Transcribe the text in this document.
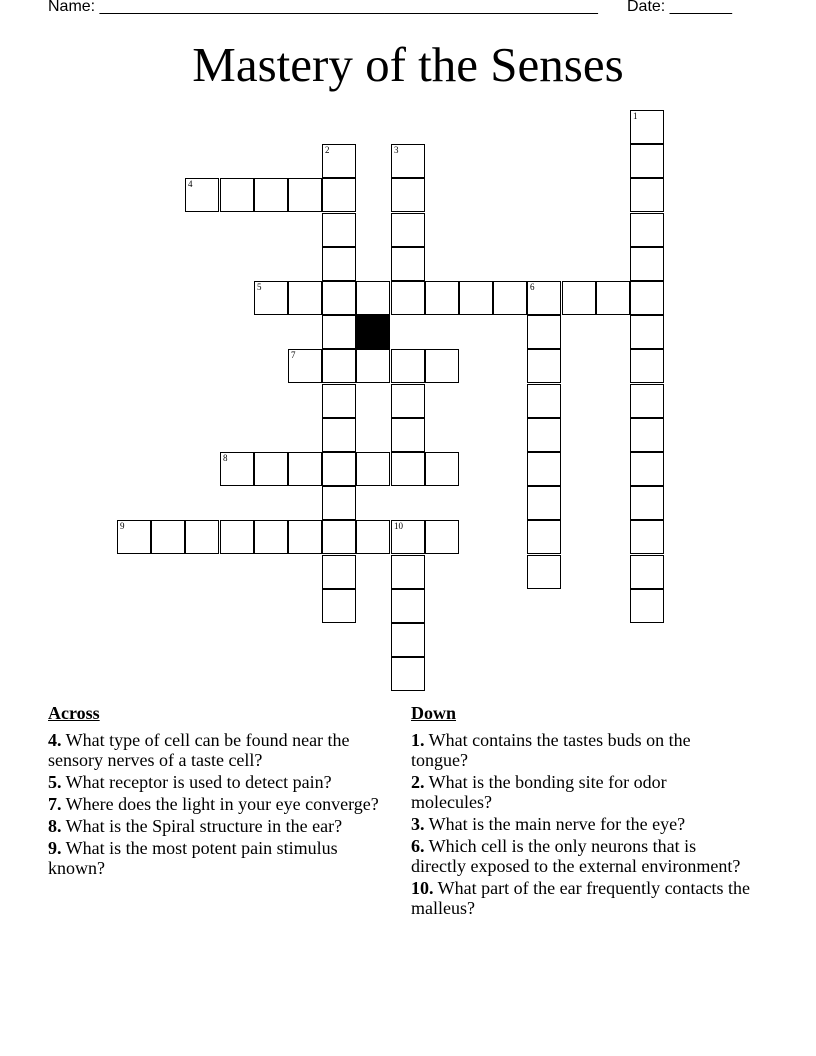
Name: ________________________________________________________ Date: _______
Mastery of the Senses
1
2	3
4
5	6
7
8
9	10
Across
4. What type of cell can be found near the sensory nerves of a taste cell?
5. What receptor is used to detect pain?
7. Where does the light in your eye converge?
8. What is the Spiral structure in the ear?
9. What is the most potent pain stimulus known?
Down
1. What contains the tastes buds on the tongue?
2. What is the bonding site for odor molecules?
3. What is the main nerve for the eye?
6. Which cell is the only neurons that is directly exposed to the external environment?
10. What part of the ear frequently contacts the malleus?
